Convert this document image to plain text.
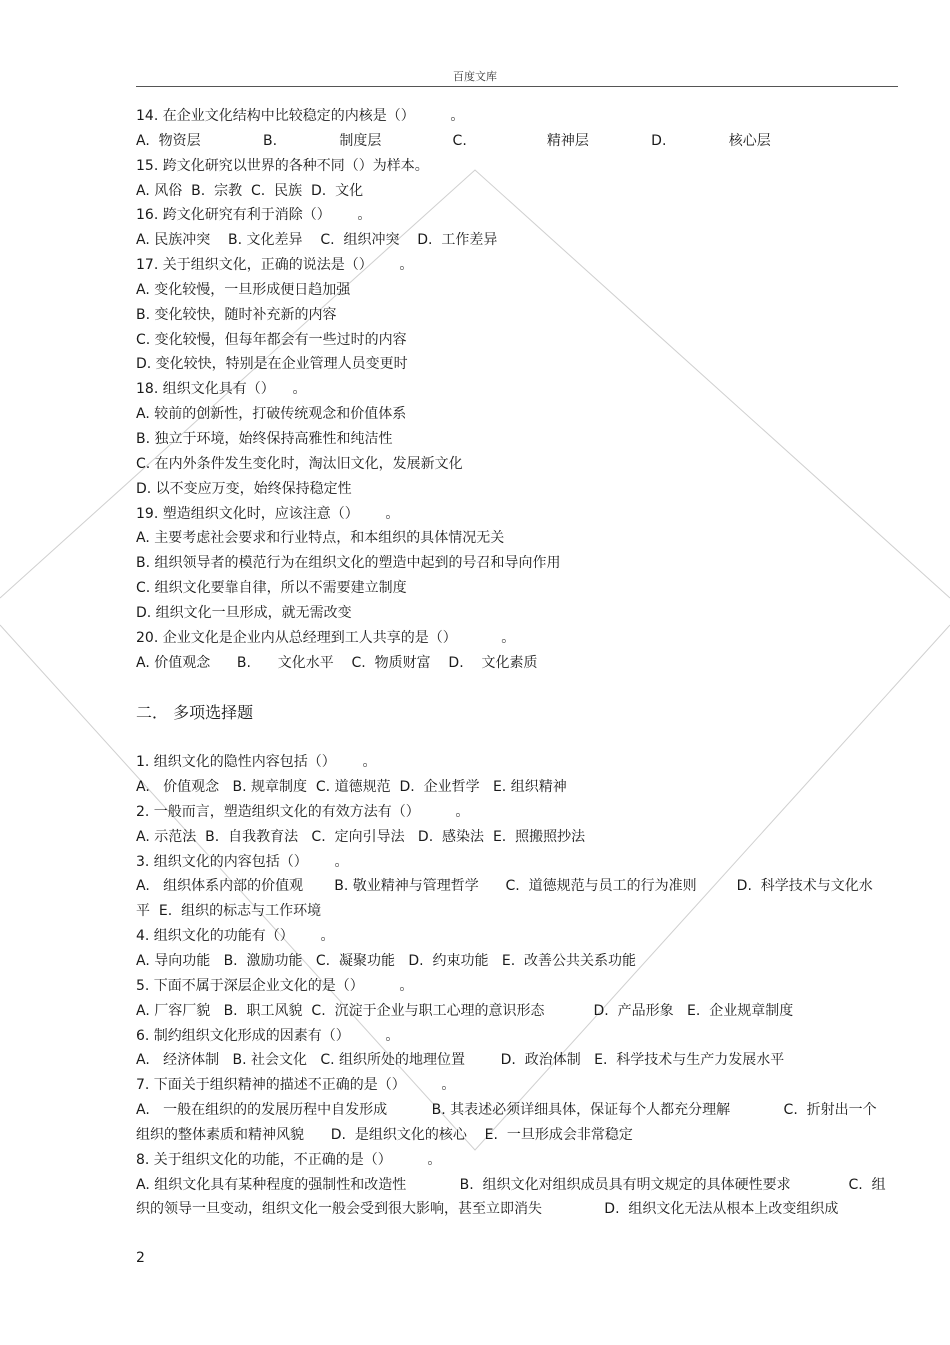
百度文库
14. 在企业文化结构中比较稳定的内核是（）        。
A.  物资层              B.              制度层                C.                  精神层              D.              核心层
15. 跨文化研究以世界的各种不同（）为样本。
A. 风俗  B.  宗教  C.  民族  D.  文化
16. 跨文化研究有利于消除（）      。
A. 民族冲突    B. 文化差异    C.  组织冲突    D.  工作差异
17. 关于组织文化，正确的说法是（）      。
A. 变化较慢，一旦形成便日趋加强
B. 变化较快，随时补充新的内容
C. 变化较慢，但每年都会有一些过时的内容
D. 变化较快，特别是在企业管理人员变更时
18. 组织文化具有（）    。
A. 较前的创新性，打破传统观念和价值体系
B. 独立于环境，始终保持高雅性和纯洁性
C. 在内外条件发生变化时，淘汰旧文化，发展新文化
D. 以不变应万变，始终保持稳定性
19. 塑造组织文化时，应该注意（）      。
A. 主要考虑社会要求和行业特点，和本组织的具体情况无关
B. 组织领导者的模范行为在组织文化的塑造中起到的号召和导向作用
C. 组织文化要靠自律，所以不需要建立制度
D. 组织文化一旦形成，就无需改变
20. 企业文化是企业内从总经理到工人共享的是（）          。
A. 价值观念      B.      文化水平    C.  物质财富    D.    文化素质
二． 多项选择题
1. 组织文化的隐性内容包括（）      。
A.   价值观念   B. 规章制度  C. 道德规范  D.  企业哲学   E. 组织精神
2. 一般而言，塑造组织文化的有效方法有（）        。
A. 示范法  B.  自我教育法   C.  定向引导法   D.  感染法  E.  照搬照抄法
3. 组织文化的内容包括（）      。
A.   组织体系内部的价值观       B. 敬业精神与管理哲学      C.  道德规范与员工的行为准则         D.  科学技术与文化水
平  E.  组织的标志与工作环境
4. 组织文化的功能有（）      。
A. 导向功能   B.  激励功能   C.  凝聚功能   D.  约束功能   E.  改善公共关系功能
5. 下面不属于深层企业文化的是（）        。
A. 厂容厂貌   B.  职工风貌  C.  沉淀于企业与职工心理的意识形态           D.  产品形象   E.  企业规章制度
6. 制约组织文化形成的因素有（）        。
A.   经济体制   B. 社会文化   C. 组织所处的地理位置        D.  政治体制   E.  科学技术与生产力发展水平
7. 下面关于组织精神的描述不正确的是（）        。
A.   一般在组织的的发展历程中自发形成          B. 其表述必须详细具体，保证每个人都充分理解            C.  折射出一个
组织的整体素质和精神风貌      D.  是组织文化的核心    E.  一旦形成会非常稳定
8. 关于组织文化的功能，不正确的是（）        。
A. 组织文化具有某种程度的强制性和改造性            B.  组织文化对组织成员具有明文规定的具体硬性要求             C.  组
织的领导一旦变动，组织文化一般会受到很大影响，甚至立即消失              D.  组织文化无法从根本上改变组织成
2
